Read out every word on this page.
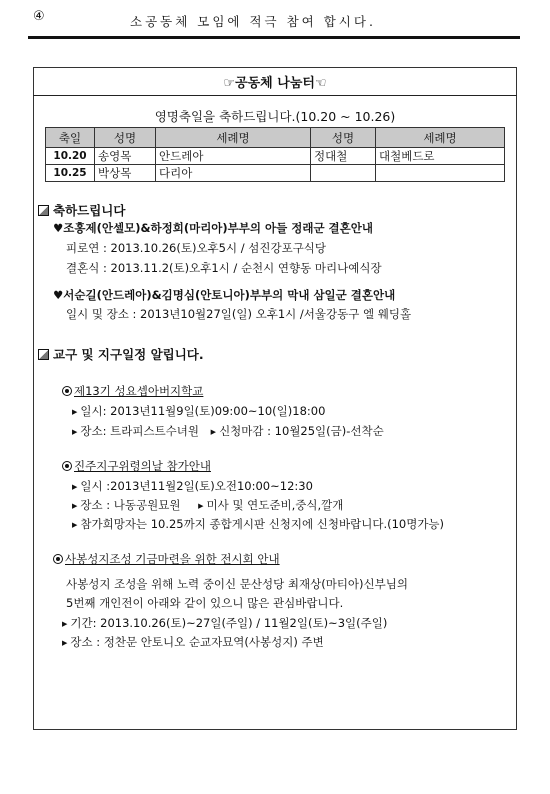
④	소공동체 모임에 적극 참여 합시다.
☞공동체 나눔터☜
영명축일을 축하드립니다.(10.20 ~ 10.26)
축일	성명	세례명	성명	세례명
10.20	송영목	안드레아	정대철	대철베드로
10.25	박상목	다리아		
축하드립니다
♥조홍제(안셀모)&하정희(마리아)부부의 아들 정래군 결혼안내
피로연 : 2013.10.26(토)오후5시 / 섬진강포구식당
결혼식 : 2013.11.2(토)오후1시 / 순천시 연향동 마리나예식장
♥서순길(안드레아)&김명심(안토니아)부부의 막내 삼일군 결혼안내
일시 및 장소 : 2013년10월27일(일) 오후1시 /서울강동구 엘 웨딩홀
교구 및 지구일정 알립니다.
제13기 성요셉아버지학교
▶ 일시: 2013년11월9일(토)09:00~10(일)18:00
▶ 장소: 트라피스트수녀원 ▶ 신청마감 : 10월25일(금)-선착순
진주지구위령의날 참가안내
▶ 일시 :2013년11월2일(토)오전10:00~12:30
▶ 장소 : 나동공원묘원	▶ 미사 및 연도준비,중식,깔개
▶ 참가희망자는 10.25까지 종합게시판 신청지에 신청바랍니다.(10명가능)
사봉성지조성 기금마련을 위한 전시회 안내
사봉성지 조성을 위해 노력 중이신 문산성당 최재상(마티아)신부님의
5번째 개인전이 아래와 같이 있으니 많은 관심바랍니다.
▶ 기간: 2013.10.26(토)~27일(주일) / 11월2일(토)~3일(주일)
▶ 장소 : 정찬문 안토니오 순교자묘역(사봉성지) 주변
